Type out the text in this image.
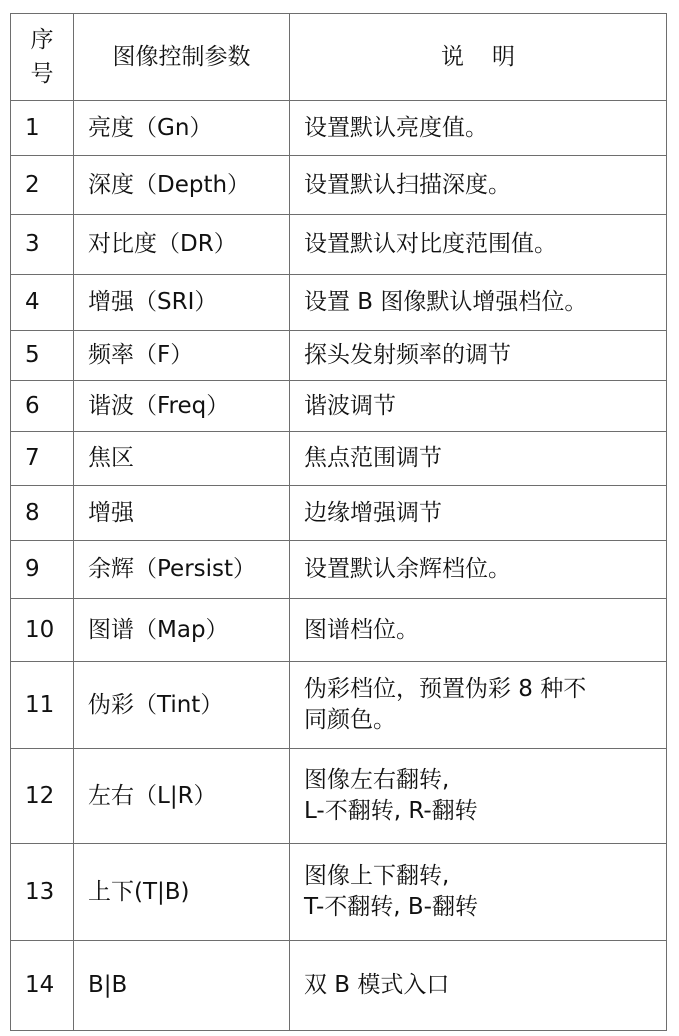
序
号	图像控制参数	说明
1	亮度（Gn）	设置默认亮度值。

2	深度（Depth）	设置默认扫描深度。

3	对比度（DR）	设置默认对比度范围值。

4	增强（SRI）	设置 B 图像默认增强档位。

5	频率（F）	探头发射频率的调节

6	谐波（Freq）	谐波调节

7	焦区	焦点范围调节

8	增强	边缘增强调节

9	余辉（Persist）	设置默认余辉档位。

10	图谱（Map）	图谱档位。

11	伪彩（Tint）	伪彩档位，预置伪彩 8 种不
同颜色。

12	左右（L|R）	图像左右翻转,
L-不翻转, R-翻转

13	上下(T|B)	图像上下翻转,
T-不翻转, B-翻转

14	B|B	双 B 模式入口
